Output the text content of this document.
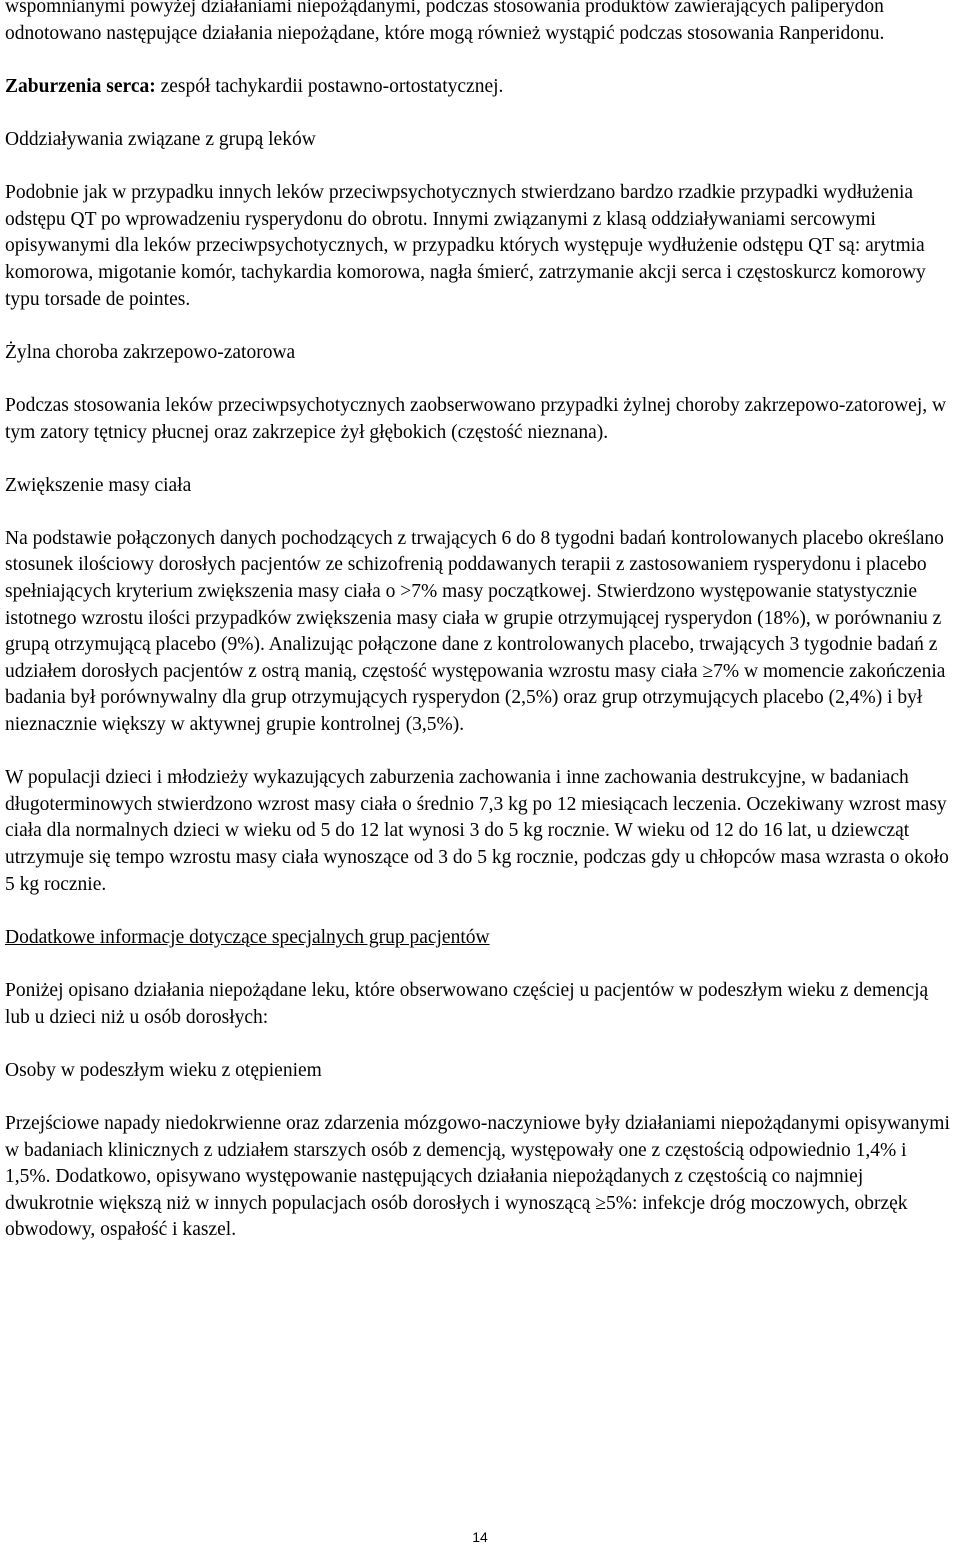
wspomnianymi powyżej działaniami niepożądanymi, podczas stosowania produktów zawierających paliperydon odnotowano następujące działania niepożądane, które mogą również wystąpić podczas stosowania Ranperidonu.

Zaburzenia serca: zespół tachykardii postawno-ortostatycznej.

Oddziaływania związane z grupą leków

Podobnie jak w przypadku innych leków przeciwpsychotycznych stwierdzano bardzo rzadkie przypadki wydłużenia odstępu QT po wprowadzeniu rysperydonu do obrotu. Innymi związanymi z klasą oddziaływaniami sercowymi opisywanymi dla leków przeciwpsychotycznych, w przypadku których występuje wydłużenie odstępu QT są: arytmia komorowa, migotanie komór, tachykardia komorowa, nagła śmierć, zatrzymanie akcji serca i częstoskurcz komorowy typu torsade de pointes.

Żylna choroba zakrzepowo-zatorowa

Podczas stosowania leków przeciwpsychotycznych zaobserwowano przypadki żylnej choroby zakrzepowo-zatorowej, w tym zatory tętnicy płucnej oraz zakrzepice żył głębokich (częstość nieznana).

Zwiększenie masy ciała

Na podstawie połączonych danych pochodzących z trwających 6 do 8 tygodni badań kontrolowanych placebo określano stosunek ilościowy dorosłych pacjentów ze schizofrenią poddawanych terapii z zastosowaniem rysperydonu i placebo spełniających kryterium zwiększenia masy ciała o >7% masy początkowej. Stwierdzono występowanie statystycznie istotnego wzrostu ilości przypadków zwiększenia masy ciała w grupie otrzymującej rysperydon (18%), w porównaniu z grupą otrzymującą placebo (9%). Analizując połączone dane z kontrolowanych placebo, trwających 3 tygodnie badań z udziałem dorosłych pacjentów z ostrą manią, częstość występowania wzrostu masy ciała ≥7% w momencie zakończenia badania był porównywalny dla grup otrzymujących rysperydon (2,5%) oraz grup otrzymujących placebo (2,4%) i był nieznacznie większy w aktywnej grupie kontrolnej (3,5%).

W populacji dzieci i młodzieży wykazujących zaburzenia zachowania i inne zachowania destrukcyjne, w badaniach długoterminowych stwierdzono wzrost masy ciała o średnio 7,3 kg po 12 miesiącach leczenia. Oczekiwany wzrost masy ciała dla normalnych dzieci w wieku od 5 do 12 lat wynosi 3 do 5 kg rocznie. W wieku od 12 do 16 lat, u dziewcząt utrzymuje się tempo wzrostu masy ciała wynoszące od 3 do 5 kg rocznie, podczas gdy u chłopców masa wzrasta o około 5 kg rocznie.

Dodatkowe informacje dotyczące specjalnych grup pacjentów

Poniżej opisano działania niepożądane leku, które obserwowano częściej u pacjentów w podeszłym wieku z demencją lub u dzieci niż u osób dorosłych:

Osoby w podeszłym wieku z otępieniem

Przejściowe napady niedokrwienne oraz zdarzenia mózgowo-naczyniowe były działaniami niepożądanymi opisywanymi w badaniach klinicznych z udziałem starszych osób z demencją, występowały one z częstością odpowiednio 1,4% i 1,5%. Dodatkowo, opisywano występowanie następujących działania niepożądanych z częstością co najmniej dwukrotnie większą niż w innych populacjach osób dorosłych i wynoszącą ≥5%: infekcje dróg moczowych, obrzęk obwodowy, ospałość i kaszel.

14
